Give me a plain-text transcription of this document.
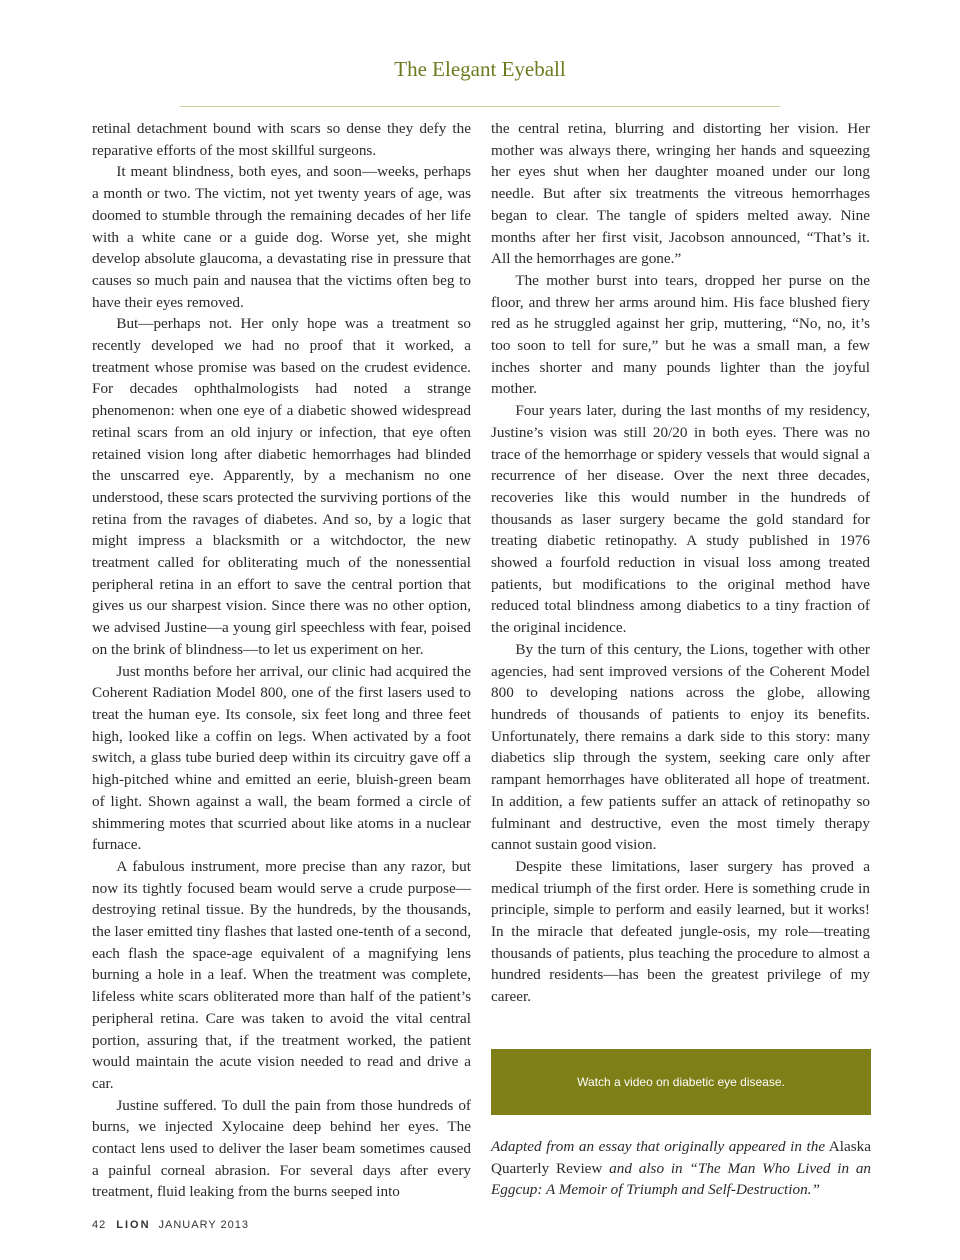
The Elegant Eyeball

retinal detachment bound with scars so dense they defy the reparative efforts of the most skillful surgeons.

It meant blindness, both eyes, and soon—weeks, perhaps a month or two. The victim, not yet twenty years of age, was doomed to stumble through the remaining decades of her life with a white cane or a guide dog. Worse yet, she might develop absolute glaucoma, a devastating rise in pressure that causes so much pain and nausea that the victims often beg to have their eyes removed.

But—perhaps not. Her only hope was a treatment so recently developed we had no proof that it worked, a treatment whose promise was based on the crudest evidence. For decades ophthalmologists had noted a strange phenomenon: when one eye of a diabetic showed widespread retinal scars from an old injury or infection, that eye often retained vision long after diabetic hemorrhages had blinded the unscarred eye. Apparently, by a mechanism no one understood, these scars protected the surviving portions of the retina from the ravages of diabetes. And so, by a logic that might impress a blacksmith or a witchdoctor, the new treatment called for obliterating much of the nonessential peripheral retina in an effort to save the central portion that gives us our sharpest vision. Since there was no other option, we advised Justine—a young girl speechless with fear, poised on the brink of blindness—to let us experiment on her.

Just months before her arrival, our clinic had acquired the Coherent Radiation Model 800, one of the first lasers used to treat the human eye. Its console, six feet long and three feet high, looked like a coffin on legs. When activated by a foot switch, a glass tube buried deep within its circuitry gave off a high-pitched whine and emitted an eerie, bluish-green beam of light. Shown against a wall, the beam formed a circle of shimmering motes that scurried about like atoms in a nuclear furnace.

A fabulous instrument, more precise than any razor, but now its tightly focused beam would serve a crude purpose—destroying retinal tissue. By the hundreds, by the thousands, the laser emitted tiny flashes that lasted one-tenth of a second, each flash the space-age equivalent of a magnifying lens burning a hole in a leaf. When the treatment was complete, lifeless white scars obliterated more than half of the patient’s peripheral retina. Care was taken to avoid the vital central portion, assuring that, if the treatment worked, the patient would maintain the acute vision needed to read and drive a car.

Justine suffered. To dull the pain from those hundreds of burns, we injected Xylocaine deep behind her eyes. The contact lens used to deliver the laser beam sometimes caused a painful corneal abrasion. For several days after every treatment, fluid leaking from the burns seeped into

the central retina, blurring and distorting her vision. Her mother was always there, wringing her hands and squeezing her eyes shut when her daughter moaned under our long needle. But after six treatments the vitreous hemorrhages began to clear. The tangle of spiders melted away. Nine months after her first visit, Jacobson announced, “That’s it. All the hemorrhages are gone.”

The mother burst into tears, dropped her purse on the floor, and threw her arms around him. His face blushed fiery red as he struggled against her grip, muttering, “No, no, it’s too soon to tell for sure,” but he was a small man, a few inches shorter and many pounds lighter than the joyful mother.

Four years later, during the last months of my residency, Justine’s vision was still 20/20 in both eyes. There was no trace of the hemorrhage or spidery vessels that would signal a recurrence of her disease. Over the next three decades, recoveries like this would number in the hundreds of thousands as laser surgery became the gold standard for treating diabetic retinopathy. A study published in 1976 showed a fourfold reduction in visual loss among treated patients, but modifications to the original method have reduced total blindness among diabetics to a tiny fraction of the original incidence.

By the turn of this century, the Lions, together with other agencies, had sent improved versions of the Coherent Model 800 to developing nations across the globe, allowing hundreds of thousands of patients to enjoy its benefits. Unfortunately, there remains a dark side to this story: many diabetics slip through the system, seeking care only after rampant hemorrhages have obliterated all hope of treatment. In addition, a few patients suffer an attack of retinopathy so fulminant and destructive, even the most timely therapy cannot sustain good vision.

Despite these limitations, laser surgery has proved a medical triumph of the first order. Here is something crude in principle, simple to perform and easily learned, but it works! In the miracle that defeated jungle-osis, my role—treating thousands of patients, plus teaching the procedure to almost a hundred residents—has been the greatest privilege of my career.

Watch a video on diabetic eye disease.
Adapted from an essay that originally appeared in the Alaska Quarterly Review and also in “The Man Who Lived in an Eggcup: A Memoir of Triumph and Self-Destruction.”
42 LION JANUARY 2013
